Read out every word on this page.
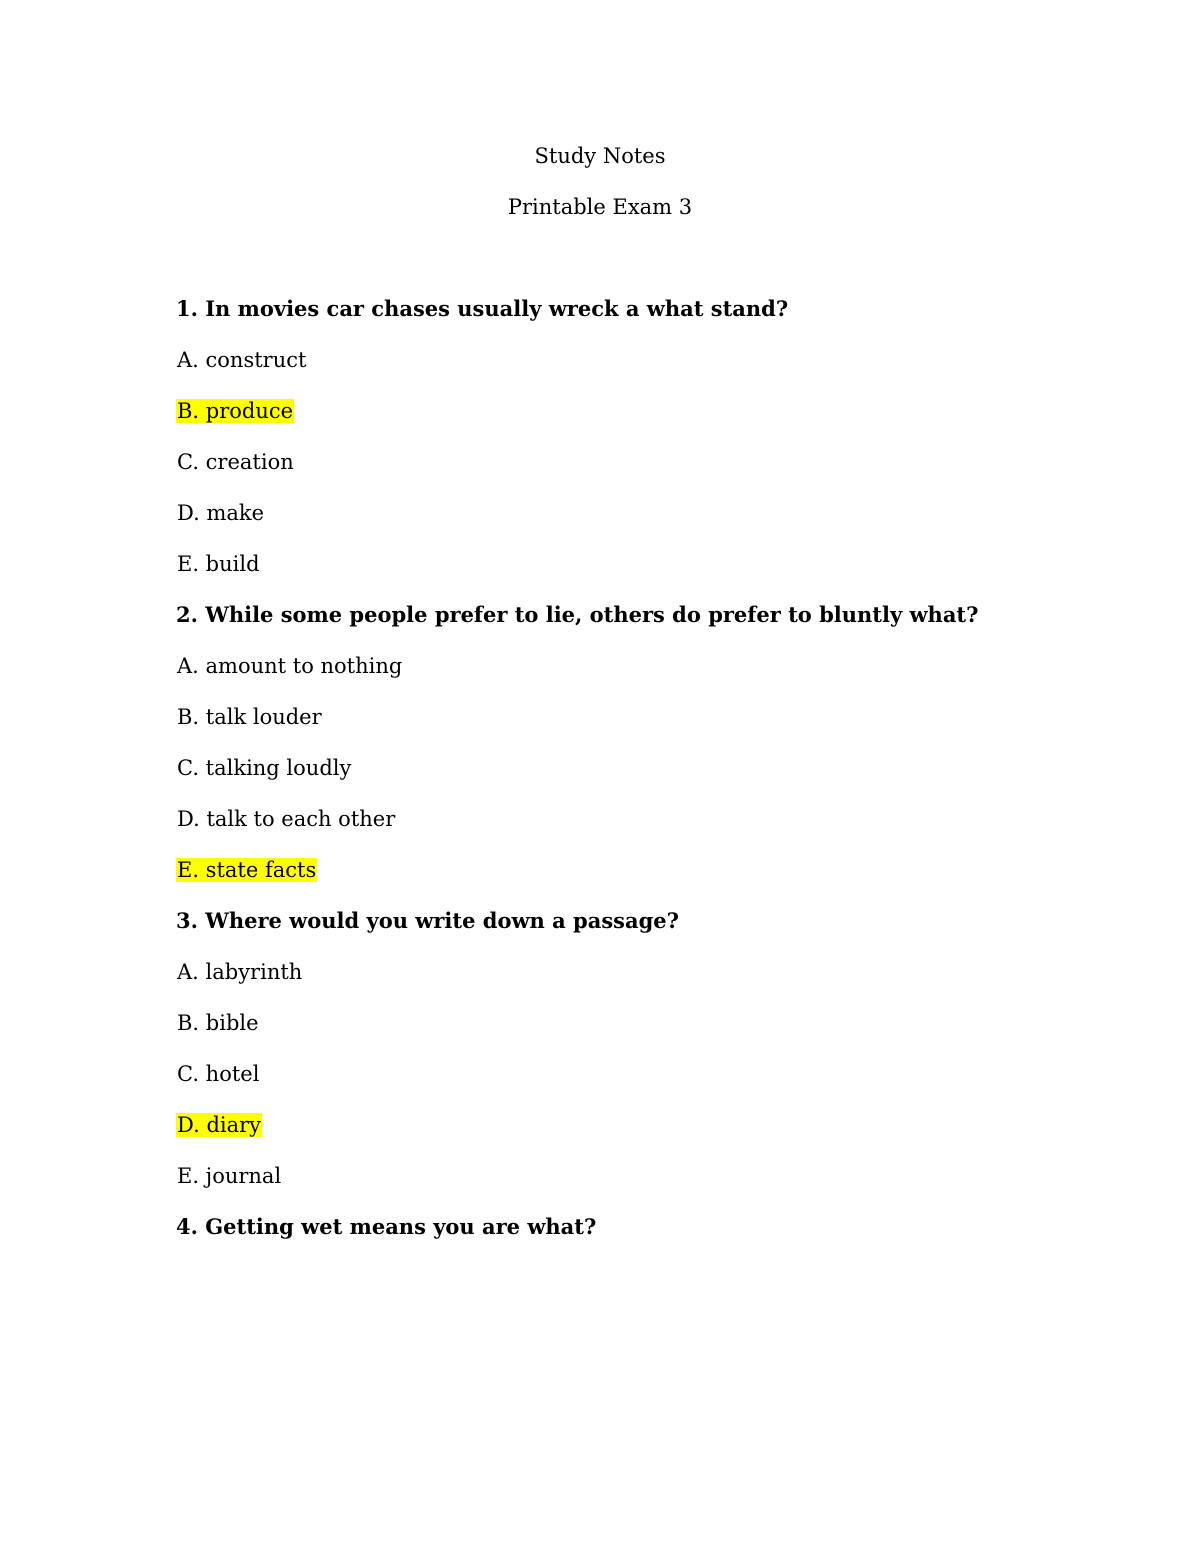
Study Notes
Printable Exam 3
1. In movies car chases usually wreck a what stand?
A. construct
B. produce
C. creation
D. make
E. build
2. While some people prefer to lie, others do prefer to bluntly what?
A. amount to nothing
B. talk louder
C. talking loudly
D. talk to each other
E. state facts
3. Where would you write down a passage?
A. labyrinth
B. bible
C. hotel
D. diary
E. journal
4. Getting wet means you are what?
